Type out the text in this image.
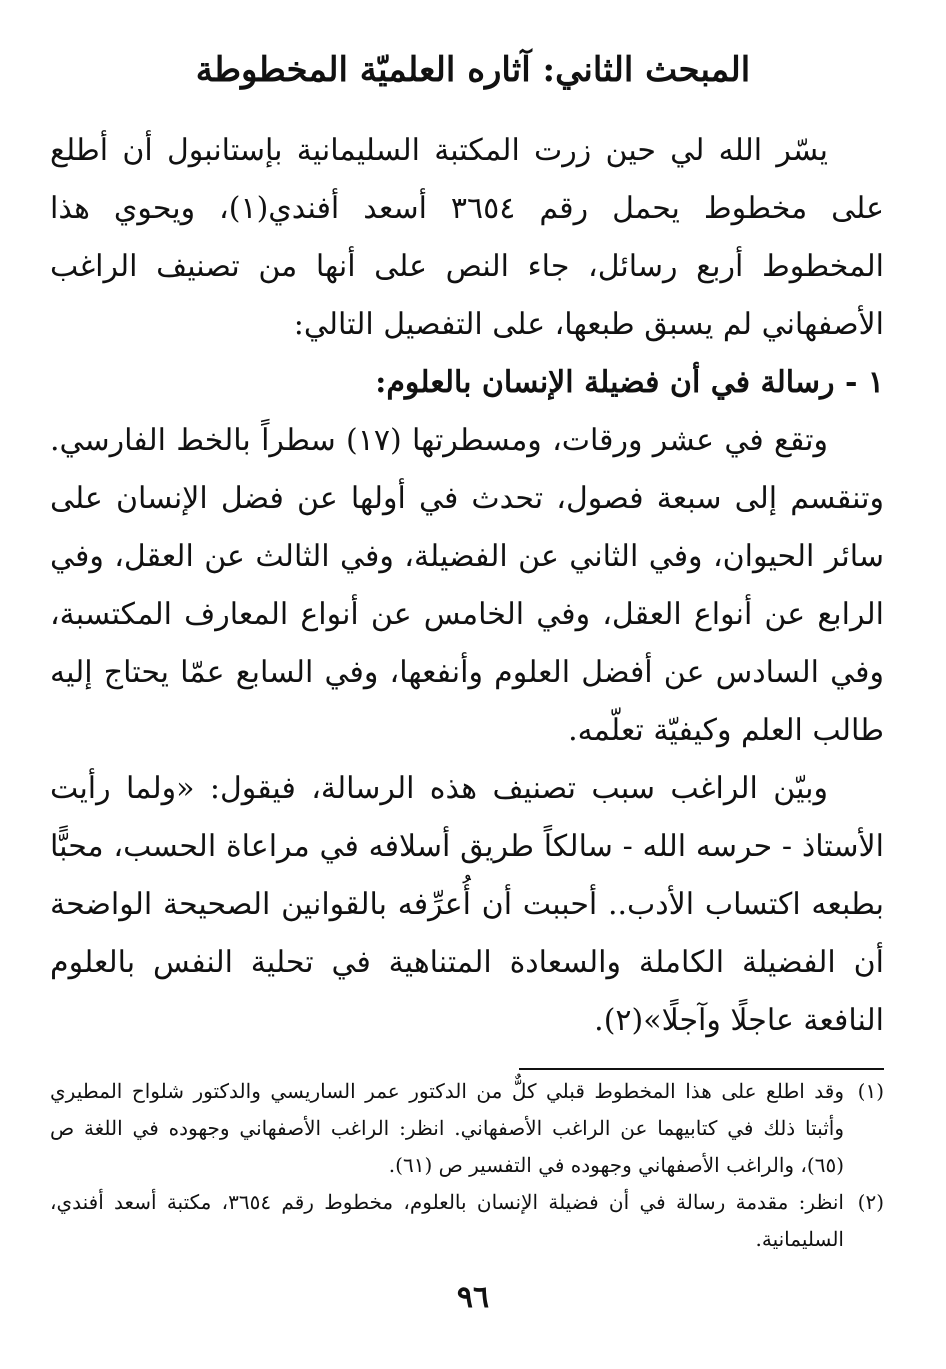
المبحث الثاني: آثاره العلميّة المخطوطة

يسّر الله لي حين زرت المكتبة السليمانية بإستانبول أن أطلع على مخطوط يحمل رقم ٣٦٥٤ أسعد أفندي(١)، ويحوي هذا المخطوط أربع رسائل، جاء النص على أنها من تصنيف الراغب الأصفهاني لم يسبق طبعها، على التفصيل التالي:

١ - رسالة في أن فضيلة الإنسان بالعلوم:

وتقع في عشر ورقات، ومسطرتها (١٧) سطراً بالخط الفارسي. وتنقسم إلى سبعة فصول، تحدث في أولها عن فضل الإنسان على سائر الحيوان، وفي الثاني عن الفضيلة، وفي الثالث عن العقل، وفي الرابع عن أنواع العقل، وفي الخامس عن أنواع المعارف المكتسبة، وفي السادس عن أفضل العلوم وأنفعها، وفي السابع عمّا يحتاج إليه طالب العلم وكيفيّة تعلّمه.

وبيّن الراغب سبب تصنيف هذه الرسالة، فيقول: «ولما رأيت الأستاذ - حرسه الله - سالكاً طريق أسلافه في مراعاة الحسب، محبًّا بطبعه اكتساب الأدب.. أحببت أن أُعرِّفه بالقوانين الصحيحة الواضحة أن الفضيلة الكاملة والسعادة المتناهية في تحلية النفس بالعلوم النافعة عاجلًا وآجلًا»(٢).

(١)
وقد اطلع على هذا المخطوط قبلي كلٌّ من الدكتور عمر الساريسي والدكتور شلواح المطيري وأثبتا ذلك في كتابيهما عن الراغب الأصفهاني. انظر: الراغب الأصفهاني وجهوده في اللغة ص (٦٥)، والراغب الأصفهاني وجهوده في التفسير ص (٦١).

(٢)
انظر: مقدمة رسالة في أن فضيلة الإنسان بالعلوم، مخطوط رقم ٣٦٥٤، مكتبة أسعد أفندي، السليمانية.

٩٦
